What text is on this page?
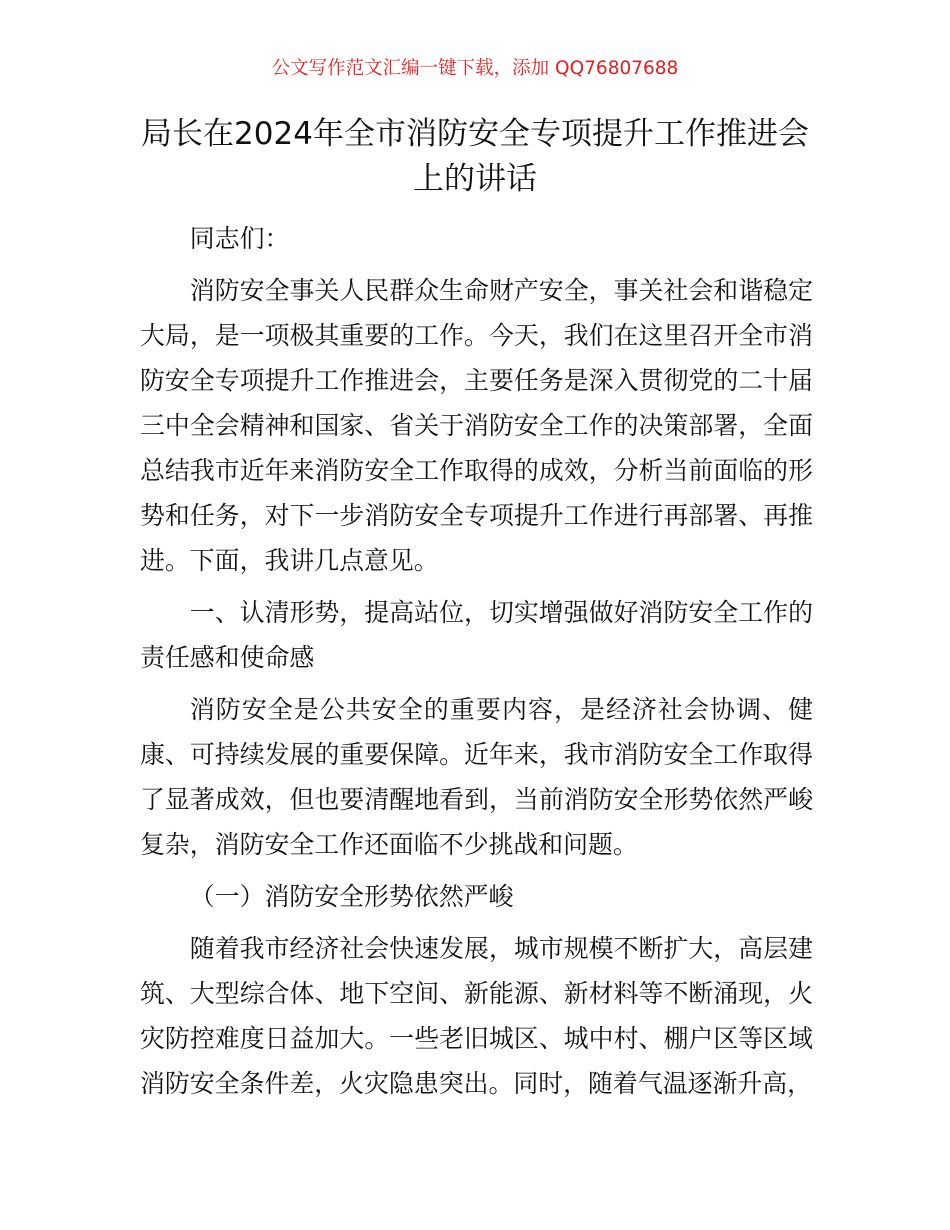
公文写作范文汇编一键下载，添加 QQ76807688
局长在2024年全市消防安全专项提升工作推进会上的讲话

同志们：

消防安全事关人民群众生命财产安全，事关社会和谐稳定大局，是一项极其重要的工作。今天，我们在这里召开全市消防安全专项提升工作推进会，主要任务是深入贯彻党的二十届三中全会精神和国家、省关于消防安全工作的决策部署，全面总结我市近年来消防安全工作取得的成效，分析当前面临的形势和任务，对下一步消防安全专项提升工作进行再部署、再推进。下面，我讲几点意见。

一、认清形势，提高站位，切实增强做好消防安全工作的责任感和使命感

消防安全是公共安全的重要内容，是经济社会协调、健康、可持续发展的重要保障。近年来，我市消防安全工作取得了显著成效，但也要清醒地看到，当前消防安全形势依然严峻复杂，消防安全工作还面临不少挑战和问题。

（一）消防安全形势依然严峻

随着我市经济社会快速发展，城市规模不断扩大，高层建筑、大型综合体、地下空间、新能源、新材料等不断涌现，火灾防控难度日益加大。一些老旧城区、城中村、棚户区等区域消防安全条件差，火灾隐患突出。同时，随着气温逐渐升高，
